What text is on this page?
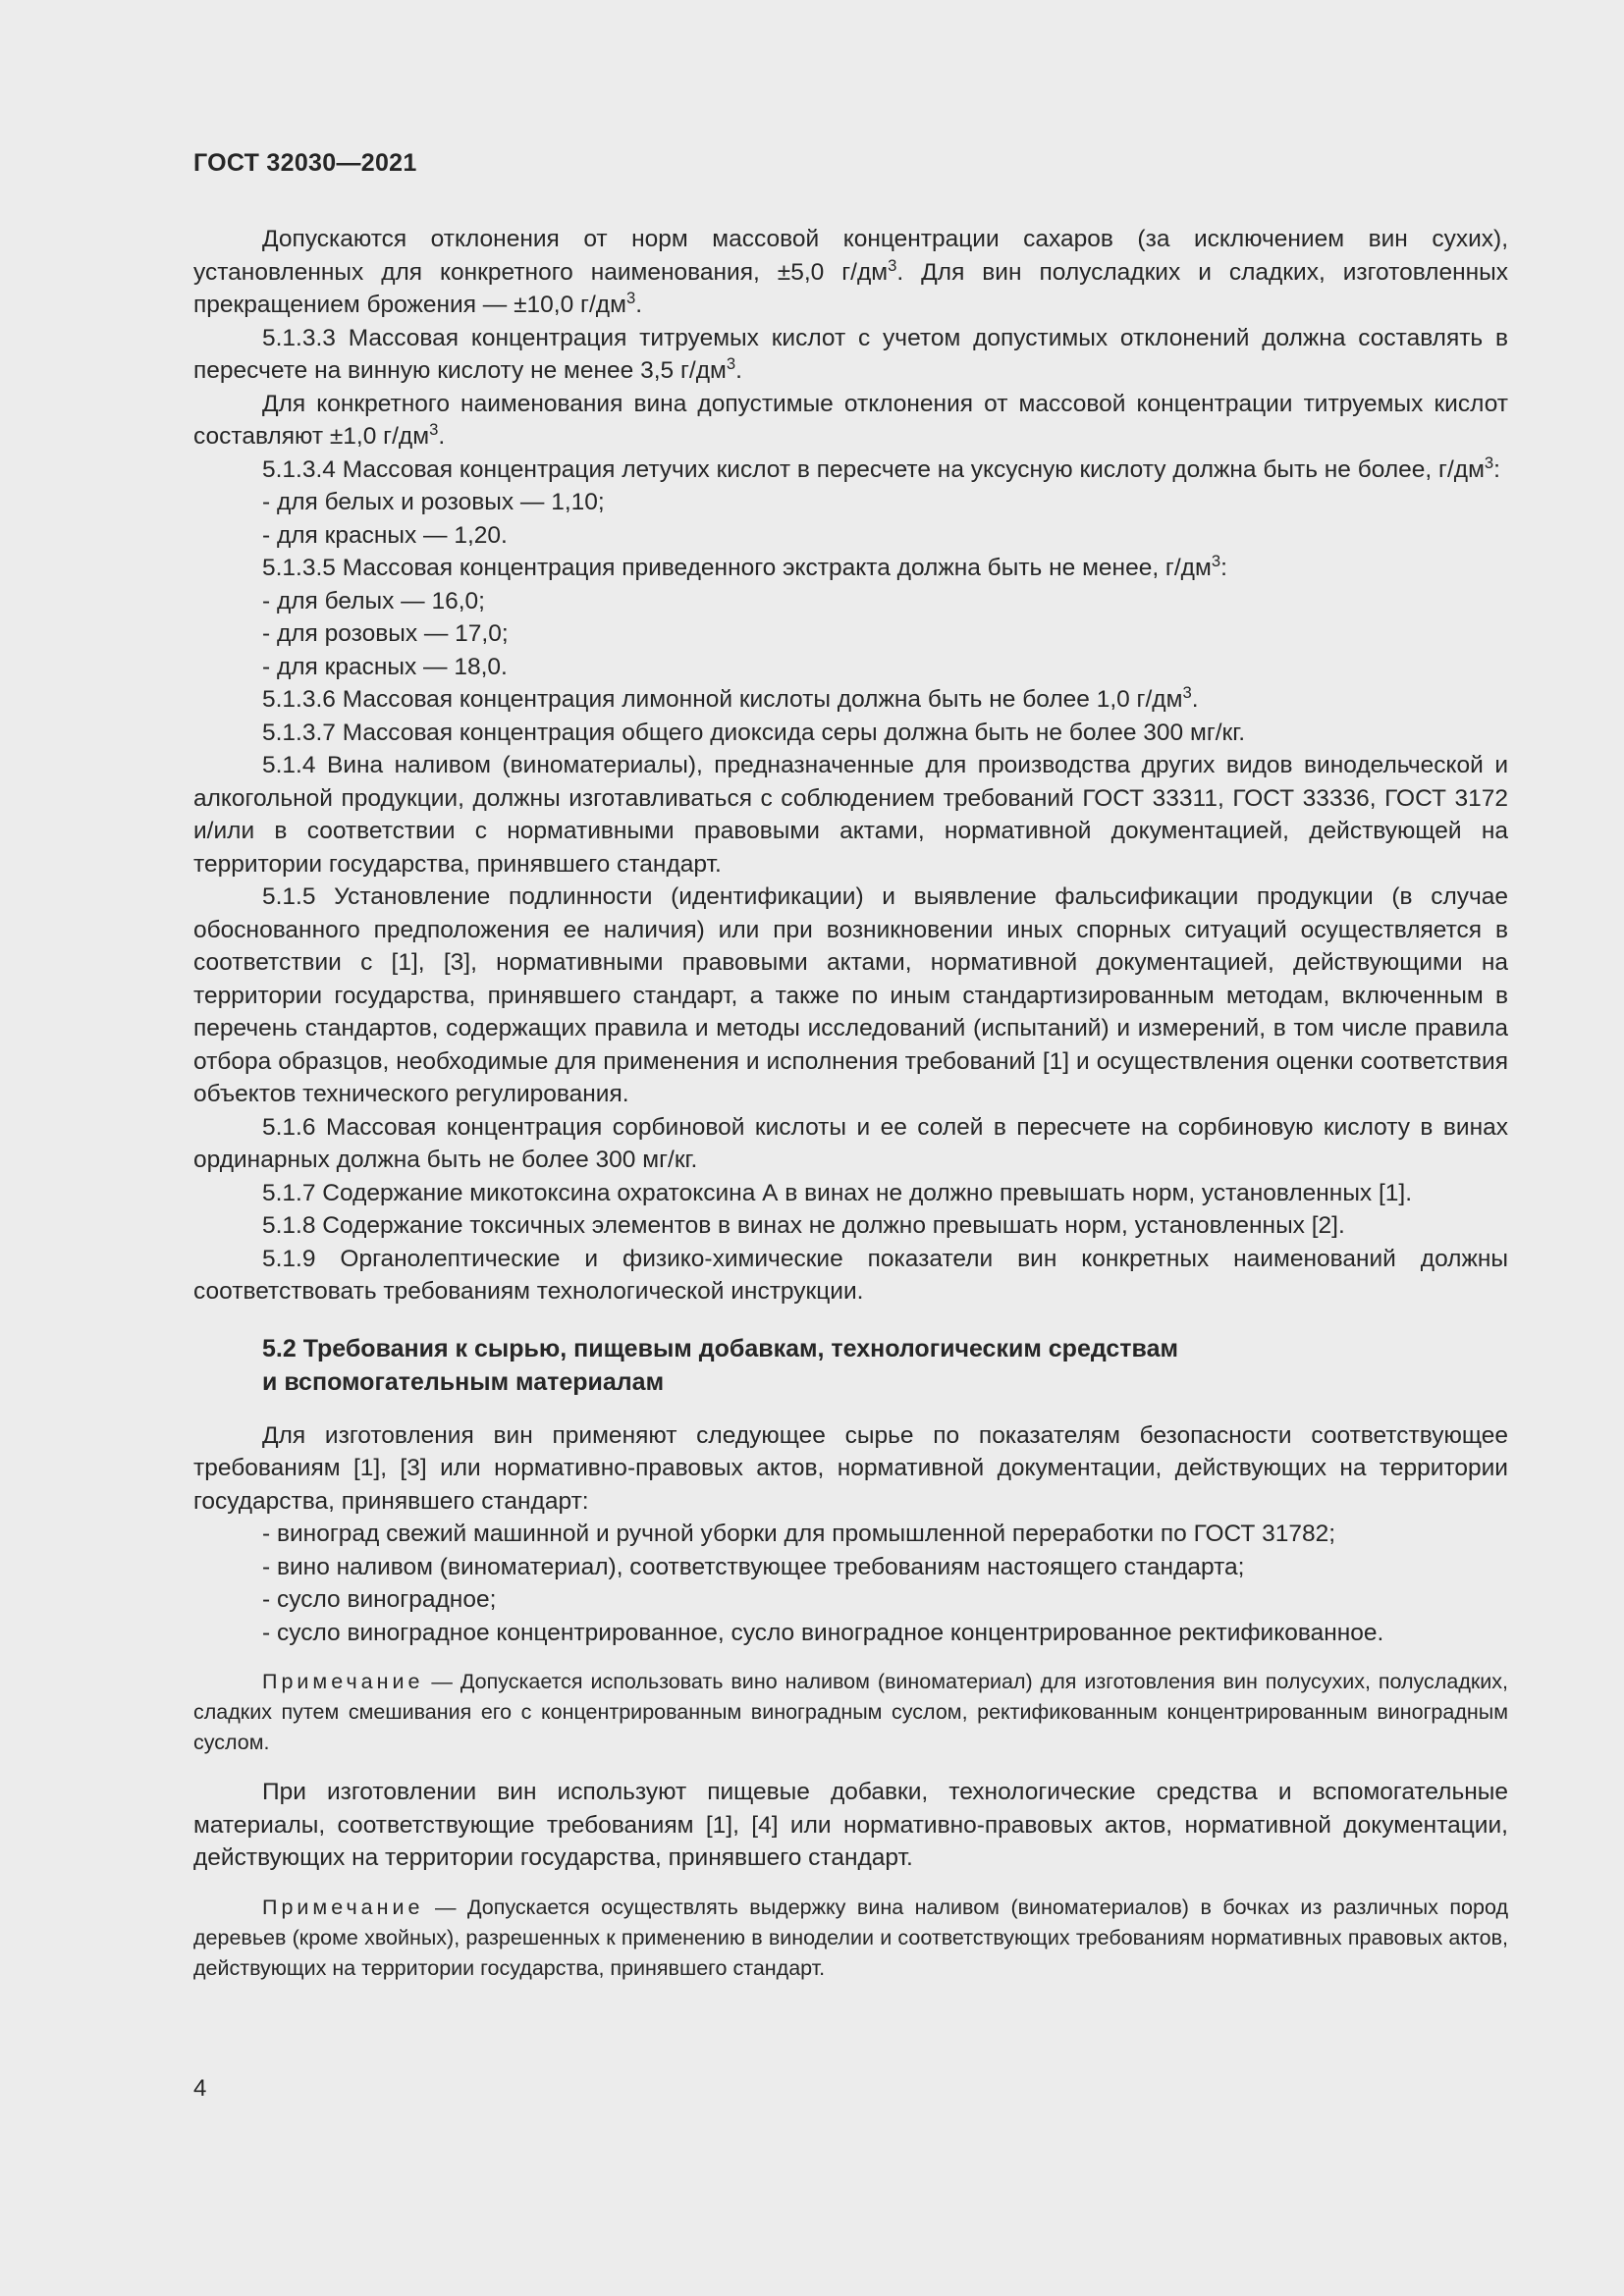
ГОСТ 32030—2021

Допускаются отклонения от норм массовой концентрации сахаров (за исключением вин сухих), установленных для конкретного наименования, ±5,0 $г/дм^3$. Для вин полусладких и сладких, изготовленных прекращением брожения — ±10,0 $г/дм^3$.

5.1.3.3 Массовая концентрация титруемых кислот с учетом допустимых отклонений должна составлять в пересчете на винную кислоту не менее 3,5 $г/дм^3$.

Для конкретного наименования вина допустимые отклонения от массовой концентрации титруемых кислот составляют ±1,0 $г/дм^3$.

5.1.3.4 Массовая концентрация летучих кислот в пересчете на уксусную кислоту должна быть не более, $г/дм^3$:

- для белых и розовых — 1,10;

- для красных — 1,20.

5.1.3.5 Массовая концентрация приведенного экстракта должна быть не менее, $г/дм^3$:

- для белых — 16,0;

- для розовых — 17,0;

- для красных — 18,0.

5.1.3.6 Массовая концентрация лимонной кислоты должна быть не более 1,0 $г/дм^3$.

5.1.3.7 Массовая концентрация общего диоксида серы должна быть не более 300 мг/кг.

5.1.4 Вина наливом (виноматериалы), предназначенные для производства других видов винодельческой и алкогольной продукции, должны изготавливаться с соблюдением требований ГОСТ 33311, ГОСТ 33336, ГОСТ 3172 и/или в соответствии с нормативными правовыми актами, нормативной документацией, действующей на территории государства, принявшего стандарт.

5.1.5 Установление подлинности (идентификации) и выявление фальсификации продукции (в случае обоснованного предположения ее наличия) или при возникновении иных спорных ситуаций осуществляется в соответствии с [1], [3], нормативными правовыми актами, нормативной документацией, действующими на территории государства, принявшего стандарт, а также по иным стандартизированным методам, включенным в перечень стандартов, содержащих правила и методы исследований (испытаний) и измерений, в том числе правила отбора образцов, необходимые для применения и исполнения требований [1] и осуществления оценки соответствия объектов технического регулирования.

5.1.6 Массовая концентрация сорбиновой кислоты и ее солей в пересчете на сорбиновую кислоту в винах ординарных должна быть не более 300 мг/кг.

5.1.7 Содержание микотоксина охратоксина А в винах не должно превышать норм, установленных [1].

5.1.8 Содержание токсичных элементов в винах не должно превышать норм, установленных [2].

5.1.9 Органолептические и физико-химические показатели вин конкретных наименований должны соответствовать требованиям технологической инструкции.

5.2 Требования к сырью, пищевым добавкам, технологическим средствам
и вспомогательным материалам

Для изготовления вин применяют следующее сырье по показателям безопасности соответствующее требованиям [1], [3] или нормативно-правовых актов, нормативной документации, действующих на территории государства, принявшего стандарт:

- виноград свежий машинной и ручной уборки для промышленной переработки по ГОСТ 31782;

- вино наливом (виноматериал), соответствующее требованиям настоящего стандарта;

- сусло виноградное;

- сусло виноградное концентрированное, сусло виноградное концентрированное ректификованное.

Примечание — Допускается использовать вино наливом (виноматериал) для изготовления вин полусухих, полусладких, сладких путем смешивания его с концентрированным виноградным суслом, ректификованным концентрированным виноградным суслом.

При изготовлении вин используют пищевые добавки, технологические средства и вспомогательные материалы, соответствующие требованиям [1], [4] или нормативно-правовых актов, нормативной документации, действующих на территории государства, принявшего стандарт.

Примечание — Допускается осуществлять выдержку вина наливом (виноматериалов) в бочках из различных пород деревьев (кроме хвойных), разрешенных к применению в виноделии и соответствующих требованиям нормативных правовых актов, действующих на территории государства, принявшего стандарт.

4
